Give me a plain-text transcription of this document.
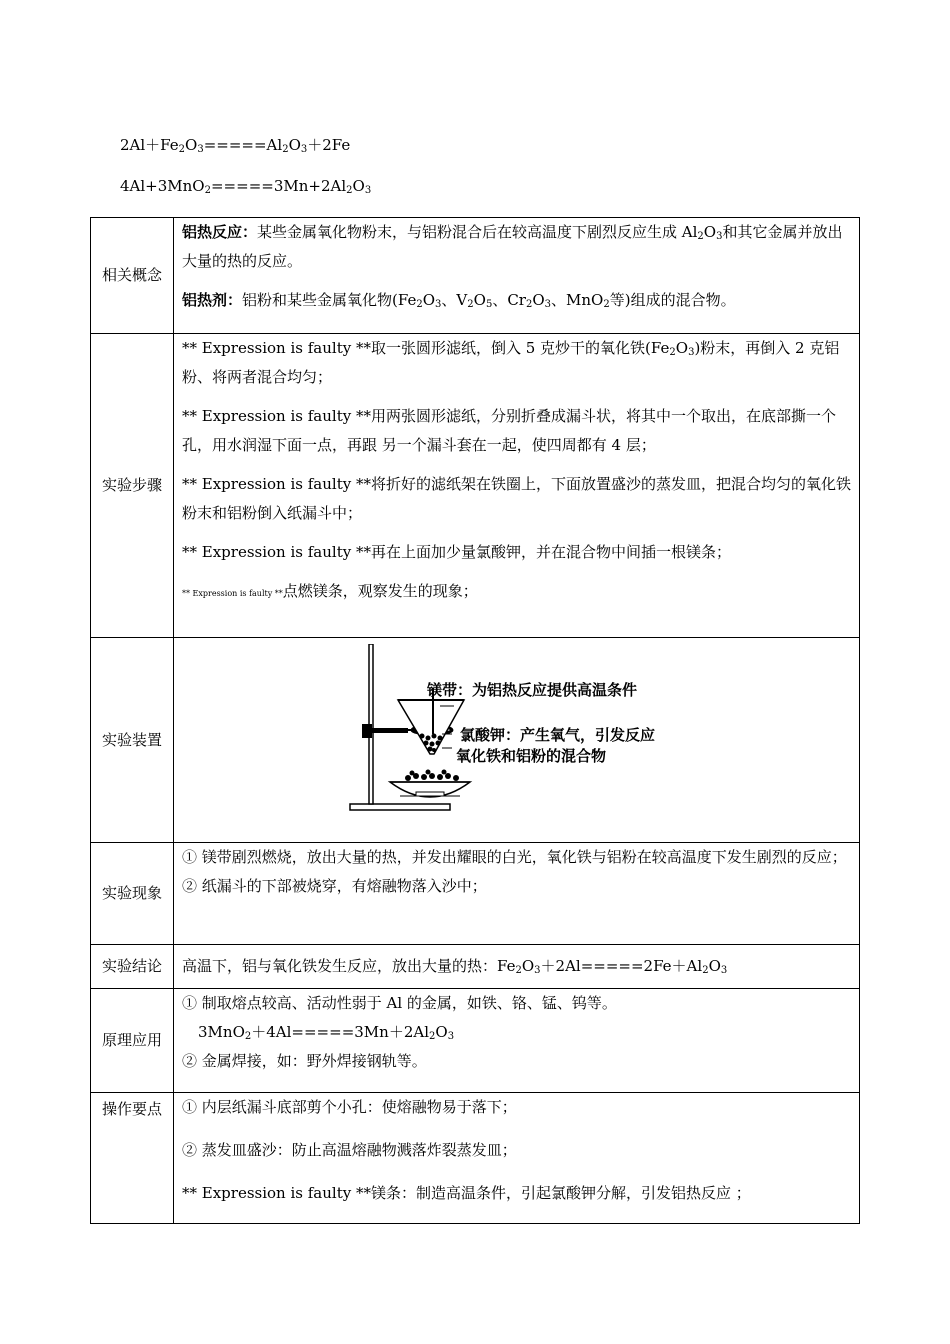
$2Al+Fe_2O_3=====Al_2O_3+2Fe$
$4Al+3MnO_2=====3Mn+2Al_2O_3$
相关概念	铝热反应：某些金属氧化物粉末，与铝粉混合后在较高温度下剧烈反应生成 $Al_2O_3$和其它金属并放出大量的热的反应。
铝热剂：铝粉和某些金属氧化物($Fe_2O_3$、$V_2O_5$、$Cr_2O_3$、MnO$_2$等)组成的混合物。

实验步骤	** Expression is faulty **取一张圆形滤纸，倒入 5 克炒干的氧化铁$(Fe_2O_3)$粉末，再倒入 2 克铝粉、将两者混合均匀；
** Expression is faulty **用两张圆形滤纸，分别折叠成漏斗状，将其中一个取出，在底部撕一个孔，用水润湿下面一点，再跟 另一个漏斗套在一起，使四周都有 4 层；
** Expression is faulty **将折好的滤纸架在铁圈上，下面放置盛沙的蒸发皿，把混合均匀的氧化铁粉末和铝粉倒入纸漏斗中；
** Expression is faulty **再在上面加少量氯酸钾，并在混合物中间插一根镁条；
** Expression is faulty **点燃镁条，观察发生的现象；

实验装置	镁带：为铝热反应提供高温条件
氯酸钾：产生氧气，引发反应
氧化铁和铝粉的混合物

实验现象	① 镁带剧烈燃烧，放出大量的热，并发出耀眼的白光，氧化铁与铝粉在较高温度下发生剧烈的反应；
② 纸漏斗的下部被烧穿，有熔融物落入沙中；

实验结论	高温下，铝与氧化铁发生反应，放出大量的热：$Fe_2O_3+2Al=====2Fe+Al_2O_3$
原理应用	① 制取熔点较高、活动性弱于 Al 的金属，如铁、铬、锰、钨等。
$3MnO_2+4Al=====3Mn+2Al_2O_3$
② 金属焊接，如：野外焊接钢轨等。

操作要点	① 内层纸漏斗底部剪个小孔：使熔融物易于落下；
② 蒸发皿盛沙：防止高温熔融物溅落炸裂蒸发皿；
** Expression is faulty **镁条：制造高温条件，引起氯酸钾分解，引发铝热反应 ；
